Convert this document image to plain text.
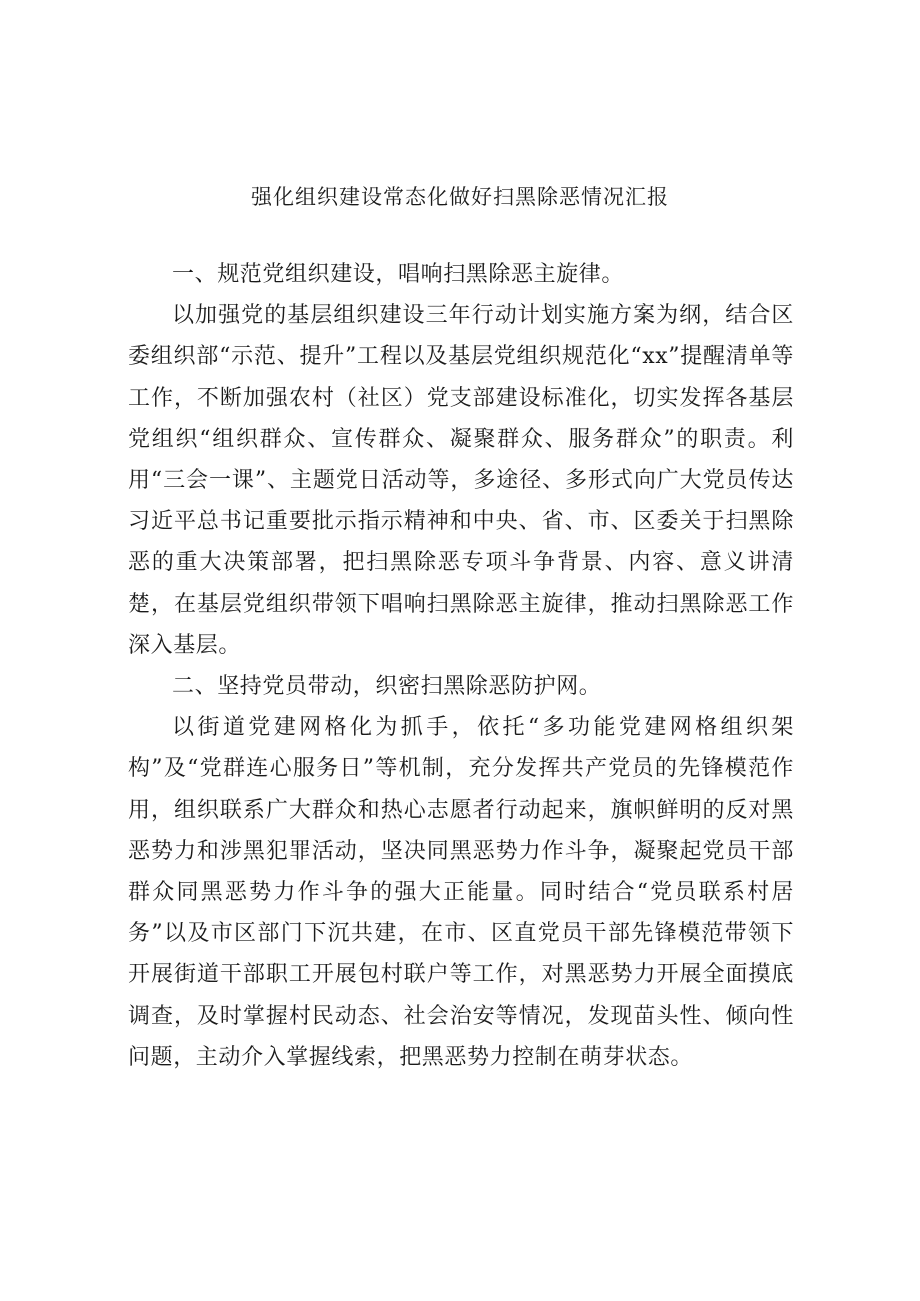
强化组织建设常态化做好扫黑除恶情况汇报

一、规范党组织建设，唱响扫黑除恶主旋律。

以加强党的基层组织建设三年行动计划实施方案为纲，结合区委组织部“示范、提升”工程以及基层党组织规范化“xx”提醒清单等工作，不断加强农村（社区）党支部建设标准化，切实发挥各基层党组织“组织群众、宣传群众、凝聚群众、服务群众”的职责。利用“三会一课”、主题党日活动等，多途径、多形式向广大党员传达习近平总书记重要批示指示精神和中央、省、市、区委关于扫黑除恶的重大决策部署，把扫黑除恶专项斗争背景、内容、意义讲清楚，在基层党组织带领下唱响扫黑除恶主旋律，推动扫黑除恶工作深入基层。

二、坚持党员带动，织密扫黑除恶防护网。

以街道党建网格化为抓手，依托“多功能党建网格组织架构”及“党群连心服务日”等机制，充分发挥共产党员的先锋模范作用，组织联系广大群众和热心志愿者行动起来，旗帜鲜明的反对黑恶势力和涉黑犯罪活动，坚决同黑恶势力作斗争，凝聚起党员干部群众同黑恶势力作斗争的强大正能量。同时结合“党员联系村居务”以及市区部门下沉共建，在市、区直党员干部先锋模范带领下开展街道干部职工开展包村联户等工作，对黑恶势力开展全面摸底调查，及时掌握村民动态、社会治安等情况，发现苗头性、倾向性问题，主动介入掌握线索，把黑恶势力控制在萌芽状态。
